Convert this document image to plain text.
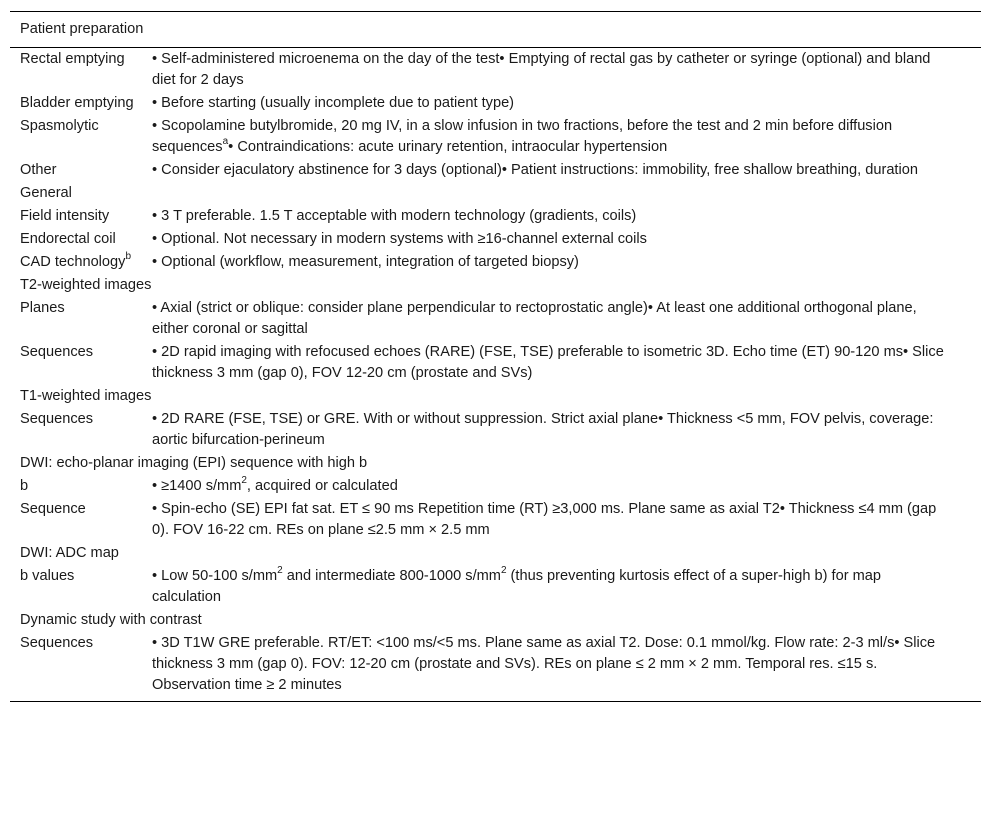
Patient preparation	
Rectal emptying	• Self-administered microenema on the day of the test• Emptying of rectal gas by catheter or syringe (optional) and bland diet for 2 days
Bladder emptying	• Before starting (usually incomplete due to patient type)
Spasmolytic	• Scopolamine butylbromide, 20 mg IV, in a slow infusion in two fractions, before the test and 2 min before diffusion sequences$^a$• Contraindications: acute urinary retention, intraocular hypertension
Other	• Consider ejaculatory abstinence for 3 days (optional)• Patient instructions: immobility, free shallow breathing, duration
General	
Field intensity	• 3 T preferable. 1.5 T acceptable with modern technology (gradients, coils)
Endorectal coil	• Optional. Not necessary in modern systems with ≥16-channel external coils
CAD technology$^b$	• Optional (workflow, measurement, integration of targeted biopsy)
T2-weighted images	
Planes	• Axial (strict or oblique: consider plane perpendicular to rectoprostatic angle)• At least one additional orthogonal plane, either coronal or sagittal
Sequences	• 2D rapid imaging with refocused echoes (RARE) (FSE, TSE) preferable to isometric 3D. Echo time (ET) 90-120 ms• Slice thickness 3 mm (gap 0), FOV 12-20 cm (prostate and SVs)
T1-weighted images	
Sequences	• 2D RARE (FSE, TSE) or GRE. With or without suppression. Strict axial plane• Thickness <5 mm, FOV pelvis, coverage: aortic bifurcation-perineum
DWI: echo-planar imaging (EPI) sequence with high b	
b	• ≥1400 $s/mm^2$, acquired or calculated
Sequence	• Spin-echo (SE) EPI fat sat. ET ≤ 90 ms Repetition time (RT) ≥3,000 ms. Plane same as axial T2• Thickness ≤4 mm (gap 0). FOV 16-22 cm. REs on plane ≤2.5 mm × 2.5 mm
DWI: ADC map	
b values	• Low 50-100 $s/mm^2$ and intermediate 800-1000 $s/mm^2$ (thus preventing kurtosis effect of a super-high b) for map calculation
Dynamic study with contrast	
Sequences	• 3D T1W GRE preferable. RT/ET: <100 ms/<5 ms. Plane same as axial T2. Dose: 0.1 mmol/kg. Flow rate: 2-3 ml/s• Slice thickness 3 mm (gap 0). FOV: 12-20 cm (prostate and SVs). REs on plane ≤ 2 mm × 2 mm. Temporal res. ≤15 s. Observation time ≥ 2 minutes
